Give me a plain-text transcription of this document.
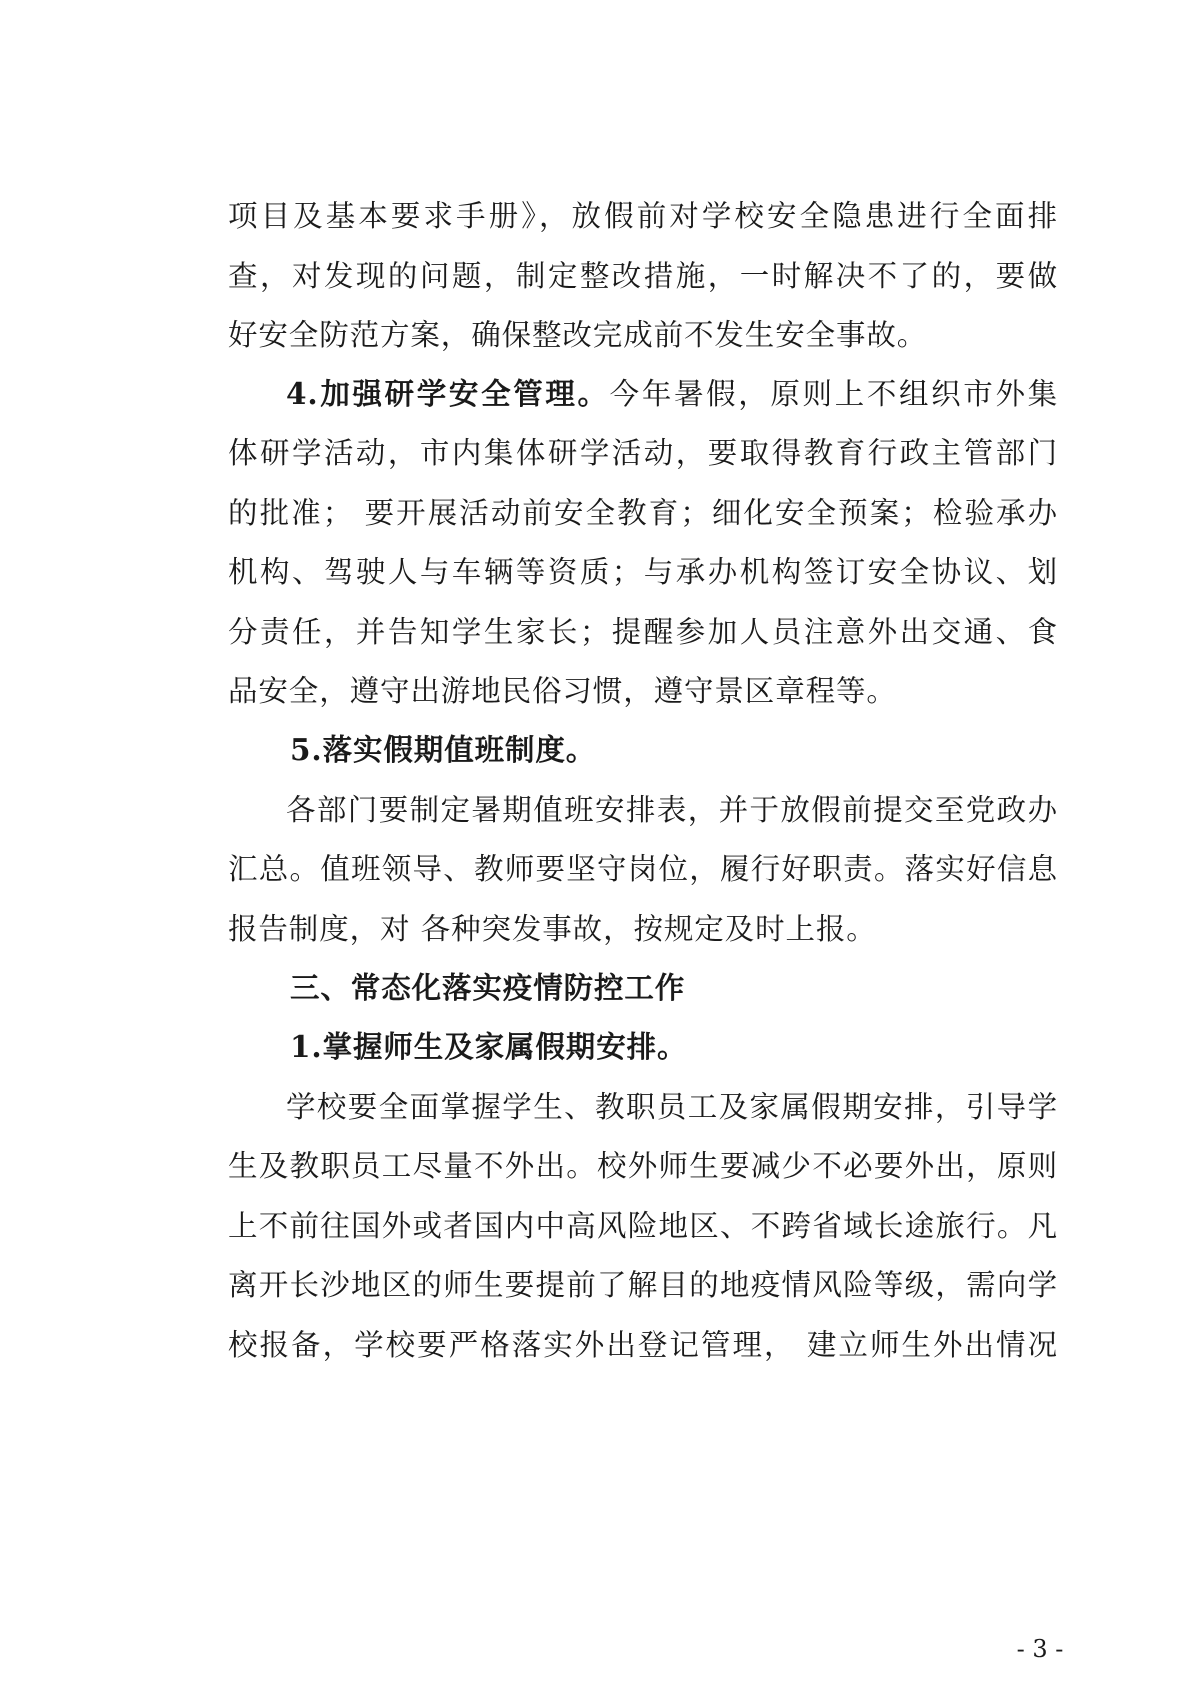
项目及基本要求手册》，放假前对学校安全隐患进行全面排
查，对发现的问题，制定整改措施，一时解决不了的，要做
好安全防范方案，确保整改完成前不发生安全事故。
4.加强研学安全管理。今年暑假，原则上不组织市外集
体研学活动，市内集体研学活动，要取得教育行政主管部门
的批准； 要开展活动前安全教育；细化安全预案；检验承办
机构、驾驶人与车辆等资质；与承办机构签订安全协议、划
分责任，并告知学生家长；提醒参加人员注意外出交通、食
品安全，遵守出游地民俗习惯，遵守景区章程等。
5.落实假期值班制度。
各部门要制定暑期值班安排表，并于放假前提交至党政办
汇总。值班领导、教师要坚守岗位，履行好职责。落实好信息
报告制度，对 各种突发事故，按规定及时上报。
三、常态化落实疫情防控工作
1.掌握师生及家属假期安排。
学校要全面掌握学生、教职员工及家属假期安排，引导学
生及教职员工尽量不外出。校外师生要减少不必要外出，原则
上不前往国外或者国内中高风险地区、不跨省域长途旅行。凡
离开长沙地区的师生要提前了解目的地疫情风险等级，需向学
校报备，学校要严格落实外出登记管理， 建立师生外出情况
- 3 -
